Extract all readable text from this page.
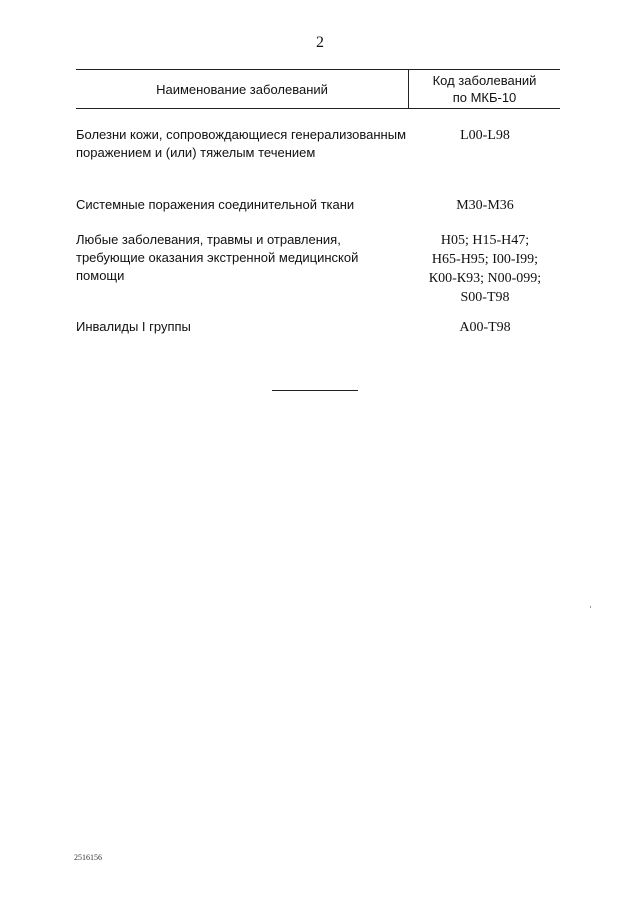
2
Наименование заболеваний
Код заболеваний
по МКБ-10
Болезни кожи, сопровождающиеся генерализованным поражением и (или) тяжелым течением
L00-L98
Системные поражения соединительной ткани	М30-М36
Любые заболевания, травмы и отравления, требующие оказания экстренной медицинской помощи
Н05; Н15-Н47;
Н65-Н95; I00-I99;
К00-К93; N00-099;
S00-Т98
Инвалиды I группы	А00-Т98
2516156
